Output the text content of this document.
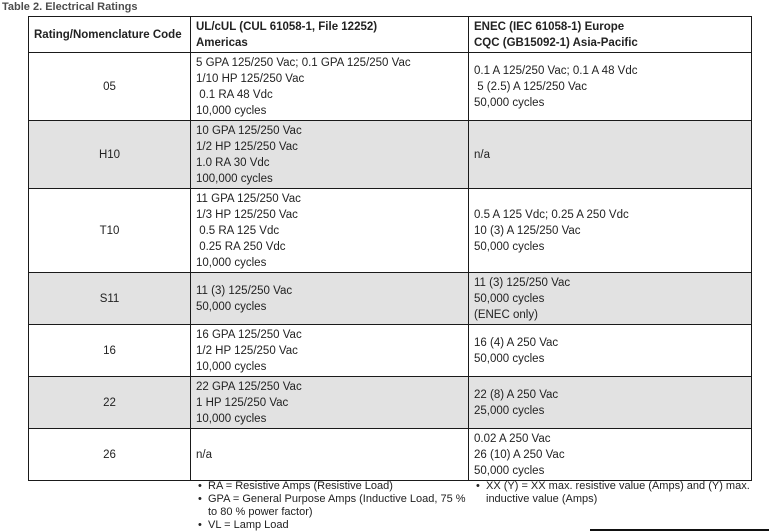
Table 2. Electrical Ratings
Rating/Nomenclature Code	UL/cUL (CUL 61058-1, File 12252)
Americas	ENEC (IEC 61058-1) Europe
CQC (GB15092-1) Asia-Pacific

05	5 GPA 125/250 Vac; 0.1 GPA 125/250 Vac
1/10 HP 125/250 Vac
0.1 RA 48 Vdc
10,000 cycles	0.1 A 125/250 Vac; 0.1 A 48 Vdc
5 (2.5) A 125/250 Vac
50,000 cycles

H10	10 GPA 125/250 Vac
1/2 HP 125/250 Vac
1.0 RA 30 Vdc
100,000 cycles	n/a

T10	11 GPA 125/250 Vac
1/3 HP 125/250 Vac
0.5 RA 125 Vdc
0.25 RA 250 Vdc
10,000 cycles	0.5 A 125 Vdc; 0.25 A 250 Vdc
10 (3) A 125/250 Vac
50,000 cycles

S11	11 (3) 125/250 Vac
50,000 cycles	11 (3) 125/250 Vac
50,000 cycles
(ENEC only)

16	16 GPA 125/250 Vac
1/2 HP 125/250 Vac
10,000 cycles	16 (4) A 250 Vac
50,000 cycles

22	22 GPA 125/250 Vac
1 HP 125/250 Vac
10,000 cycles	22 (8) A 250 Vac
25,000 cycles

26	n/a	0.02 A 250 Vac
26 (10) A 250 Vac
50,000 cycles
• RA = Resistive Amps (Resistive Load)
• GPA = General Purpose Amps (Inductive Load, 75 % to 80 % power factor)
• VL = Lamp Load
• XX (Y) = XX max. resistive value (Amps) and (Y) max. inductive value (Amps)
